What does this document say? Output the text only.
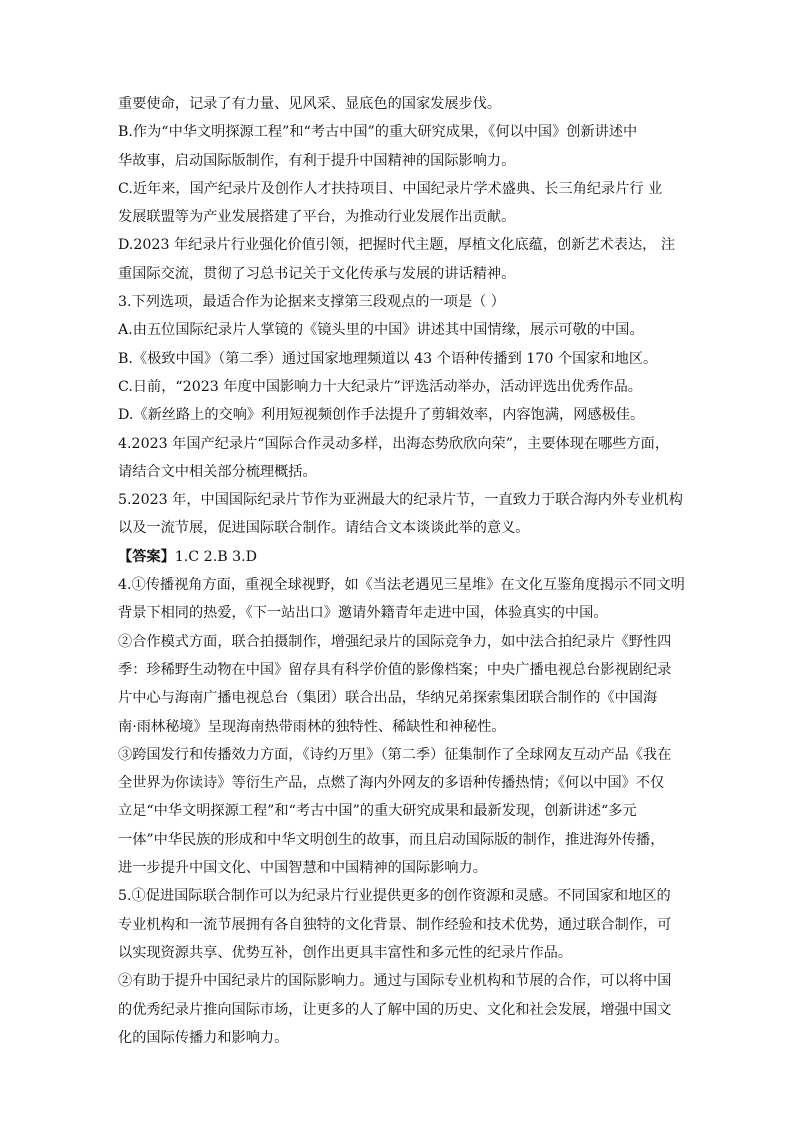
重要使命，记录了有力量、见风采、显底色的国家发展步伐。
B.作为“中华文明探源工程”和“考古中国”的重大研究成果，《何以中国》创新讲述中
华故事，启动国际版制作，有利于提升中国精神的国际影响力。
C.近年来，国产纪录片及创作人才扶持项目、中国纪录片学术盛典、长三角纪录片行 业
发展联盟等为产业发展搭建了平台，为推动行业发展作出贡献。
D.2023 年纪录片行业强化价值引领，把握时代主题，厚植文化底蕴，创新艺术表达， 注
重国际交流，贯彻了习总书记关于文化传承与发展的讲话精神。
3.下列选项，最适合作为论据来支撑第三段观点的一项是（ ）
A.由五位国际纪录片人掌镜的《镜头里的中国》讲述其中国情缘，展示可敬的中国。
B.《极致中国》（第二季）通过国家地理频道以 43 个语种传播到 170 个国家和地区。
C.日前，“2023 年度中国影响力十大纪录片”评选活动举办，活动评选出优秀作品。
D.《新丝路上的交响》利用短视频创作手法提升了剪辑效率，内容饱满，网感极佳。
4.2023 年国产纪录片“国际合作灵动多样，出海态势欣欣向荣”，主要体现在哪些方面，
请结合文中相关部分梳理概括。
5.2023 年，中国国际纪录片节作为亚洲最大的纪录片节，一直致力于联合海内外专业机构
以及一流节展，促进国际联合制作。请结合文本谈谈此举的意义。
【答案】1.C 2.B 3.D
4.①传播视角方面，重视全球视野，如《当法老遇见三星堆》在文化互鉴角度揭示不同文明
背景下相同的热爱，《下一站出口》邀请外籍青年走进中国，体验真实的中国。
②合作模式方面，联合拍摄制作，增强纪录片的国际竞争力，如中法合拍纪录片《野性四
季：珍稀野生动物在中国》留存具有科学价值的影像档案；中央广播电视总台影视剧纪录
片中心与海南广播电视总台（集团）联合出品，华纳兄弟探索集团联合制作的《中国海
南·雨林秘境》呈现海南热带雨林的独特性、稀缺性和神秘性。
③跨国发行和传播效力方面，《诗约万里》（第二季）征集制作了全球网友互动产品《我在
全世界为你读诗》等衍生产品，点燃了海内外网友的多语种传播热情；《何以中国》不仅
立足“中华文明探源工程”和“考古中国”的重大研究成果和最新发现，创新讲述“多元
一体”中华民族的形成和中华文明创生的故事，而且启动国际版的制作，推进海外传播，
进一步提升中国文化、中国智慧和中国精神的国际影响力。
5.①促进国际联合制作可以为纪录片行业提供更多的创作资源和灵感。不同国家和地区的
专业机构和一流节展拥有各自独特的文化背景、制作经验和技术优势，通过联合制作，可
以实现资源共享、优势互补，创作出更具丰富性和多元性的纪录片作品。
②有助于提升中国纪录片的国际影响力。通过与国际专业机构和节展的合作，可以将中国
的优秀纪录片推向国际市场，让更多的人了解中国的历史、文化和社会发展，增强中国文
化的国际传播力和影响力。
